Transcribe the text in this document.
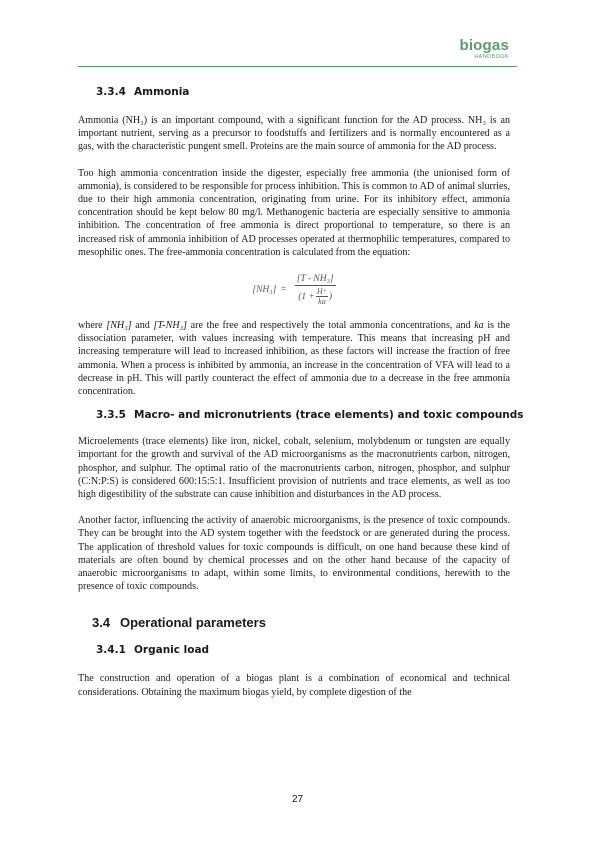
biogas
HANDBOOK
3.3.4 Ammonia

Ammonia (NH₃) is an important compound, with a significant function for the AD process. NH₃ is an important nutrient, serving as a precursor to foodstuffs and fertilizers and is normally encountered as a gas, with the characteristic pungent smell. Proteins are the main source of ammonia for the AD process.

Too high ammonia concentration inside the digester, especially free ammonia (the unionised form of ammonia), is considered to be responsible for process inhibition. This is common to AD of animal slurries, due to their high ammonia concentration, originating from urine. For its inhibitory effect, ammonia concentration should be kept below 80 mg/l. Methanogenic bacteria are especially sensitive to ammonia inhibition. The concentration of free ammonia is direct proportional to temperature, so there is an increased risk of ammonia inhibition of AD processes operated at thermophilic temperatures, compared to mesophilic ones. The free-ammonia concentration is calculated from the equation:

$[NH_3] = \frac{\text{[T - NH₃]}}{(1 + \frac{H^+}{ka} )}$

where [NH₃] and [T-NH₃] are the free and respectively the total ammonia concentrations, and ka is the dissociation parameter, with values increasing with temperature. This means that increasing pH and increasing temperature will lead to increased inhibition, as these factors will increase the fraction of free ammonia. When a process is inhibited by ammonia, an increase in the concentration of VFA will lead to a decrease in pH. This will partly counteract the effect of ammonia due to a decrease in the free ammonia concentration.

3.3.5 Macro- and micronutrients (trace elements) and toxic compounds

Microelements (trace elements) like iron, nickel, cobalt, selenium, molybdenum or tungsten are equally important for the growth and survival of the AD microorganisms as the macronutrients carbon, nitrogen, phosphor, and sulphur. The optimal ratio of the macronutrients carbon, nitrogen, phosphor, and sulphur (C:N:P:S) is considered 600:15:5:1. Insufficient provision of nutrients and trace elements, as well as too high digestibility of the substrate can cause inhibition and disturbances in the AD process.

Another factor, influencing the activity of anaerobic microorganisms, is the presence of toxic compounds. They can be brought into the AD system together with the feedstock or are generated during the process. The application of threshold values for toxic compounds is difficult, on one hand because these kind of materials are often bound by chemical processes and on the other hand because of the capacity of anaerobic microorganisms to adapt, within some limits, to environmental conditions, herewith to the presence of toxic compounds.

3.4 Operational parameters
3.4.1 Organic load

The construction and operation of a biogas plant is a combination of economical and technical considerations. Obtaining the maximum biogas yield, by complete digestion of the

27
